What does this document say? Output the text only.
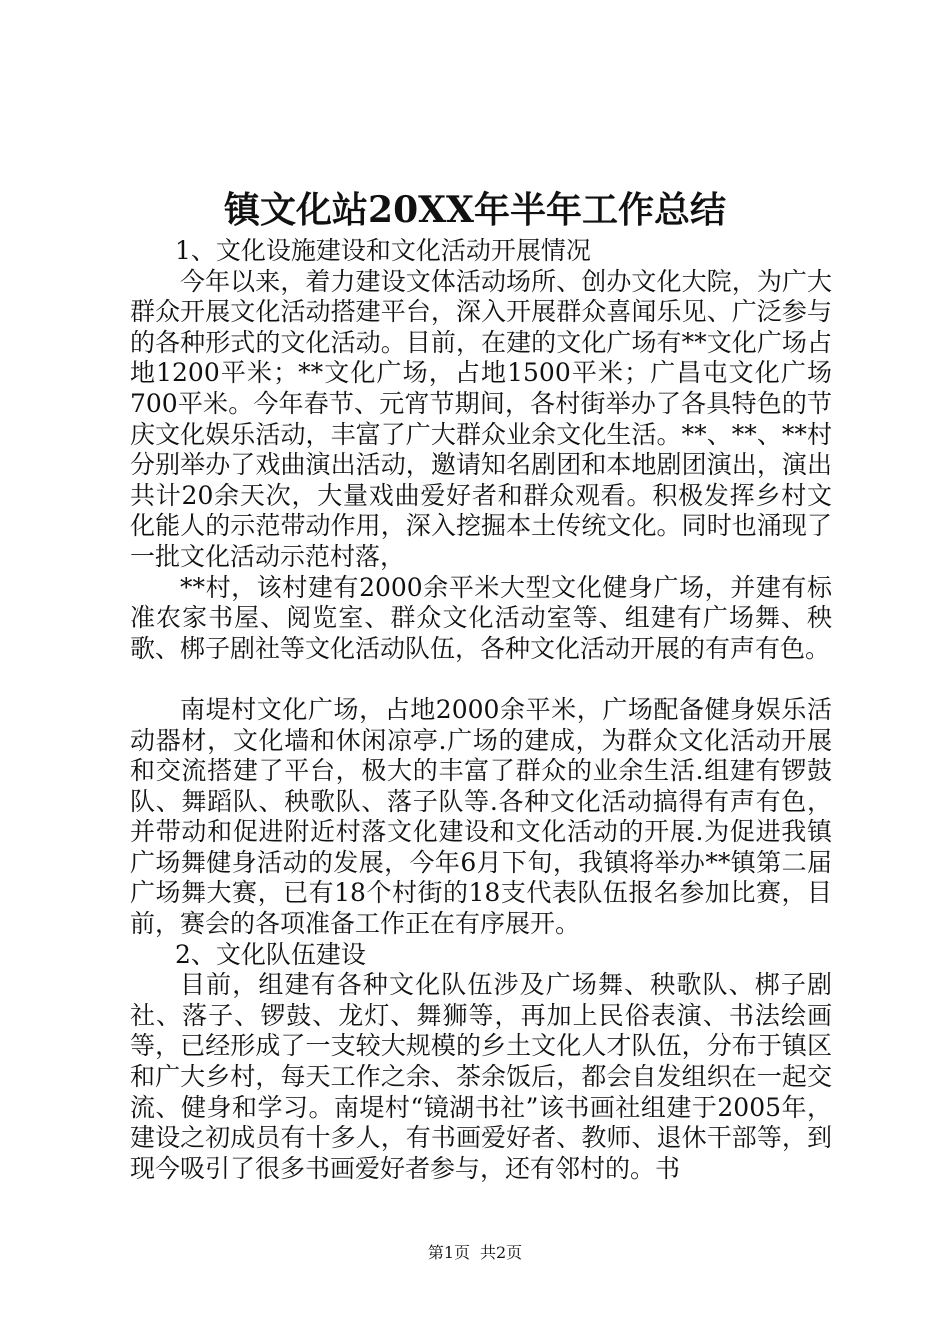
镇文化站20XX年半年工作总结

1、文化设施建设和文化活动开展情况

今年以来，着力建设文体活动场所、创办文化大院，为广大群众开展文化活动搭建平台，深入开展群众喜闻乐见、广泛参与的各种形式的文化活动。目前，在建的文化广场有**文化广场占地1200平米；**文化广场，占地1500平米；广昌屯文化广场700平米。今年春节、元宵节期间，各村街举办了各具特色的节庆文化娱乐活动，丰富了广大群众业余文化生活。**、**、**村分别举办了戏曲演出活动，邀请知名剧团和本地剧团演出，演出共计20余天次，大量戏曲爱好者和群众观看。积极发挥乡村文化能人的示范带动作用，深入挖掘本土传统文化。同时也涌现了一批文化活动示范村落，

**村，该村建有2000余平米大型文化健身广场，并建有标准农家书屋、阅览室、群众文化活动室等、组建有广场舞、秧歌、梆子剧社等文化活动队伍，各种文化活动开展的有声有色。

南堤村文化广场，占地2000余平米，广场配备健身娱乐活动器材，文化墙和休闲凉亭.广场的建成，为群众文化活动开展和交流搭建了平台，极大的丰富了群众的业余生活.组建有锣鼓队、舞蹈队、秧歌队、落子队等.各种文化活动搞得有声有色，并带动和促进附近村落文化建设和文化活动的开展.为促进我镇广场舞健身活动的发展，今年6月下旬，我镇将举办**镇第二届广场舞大赛，已有18个村街的18支代表队伍报名参加比赛，目前，赛会的各项准备工作正在有序展开。

2、文化队伍建设

目前，组建有各种文化队伍涉及广场舞、秧歌队、梆子剧社、落子、锣鼓、龙灯、舞狮等，再加上民俗表演、书法绘画等，已经形成了一支较大规模的乡土文化人才队伍，分布于镇区和广大乡村，每天工作之余、茶余饭后，都会自发组织在一起交流、健身和学习。南堤村“镜湖书社”该书画社组建于2005年，建设之初成员有十多人，有书画爱好者、教师、退休干部等，到现今吸引了很多书画爱好者参与，还有邻村的。书

第1页 共2页
